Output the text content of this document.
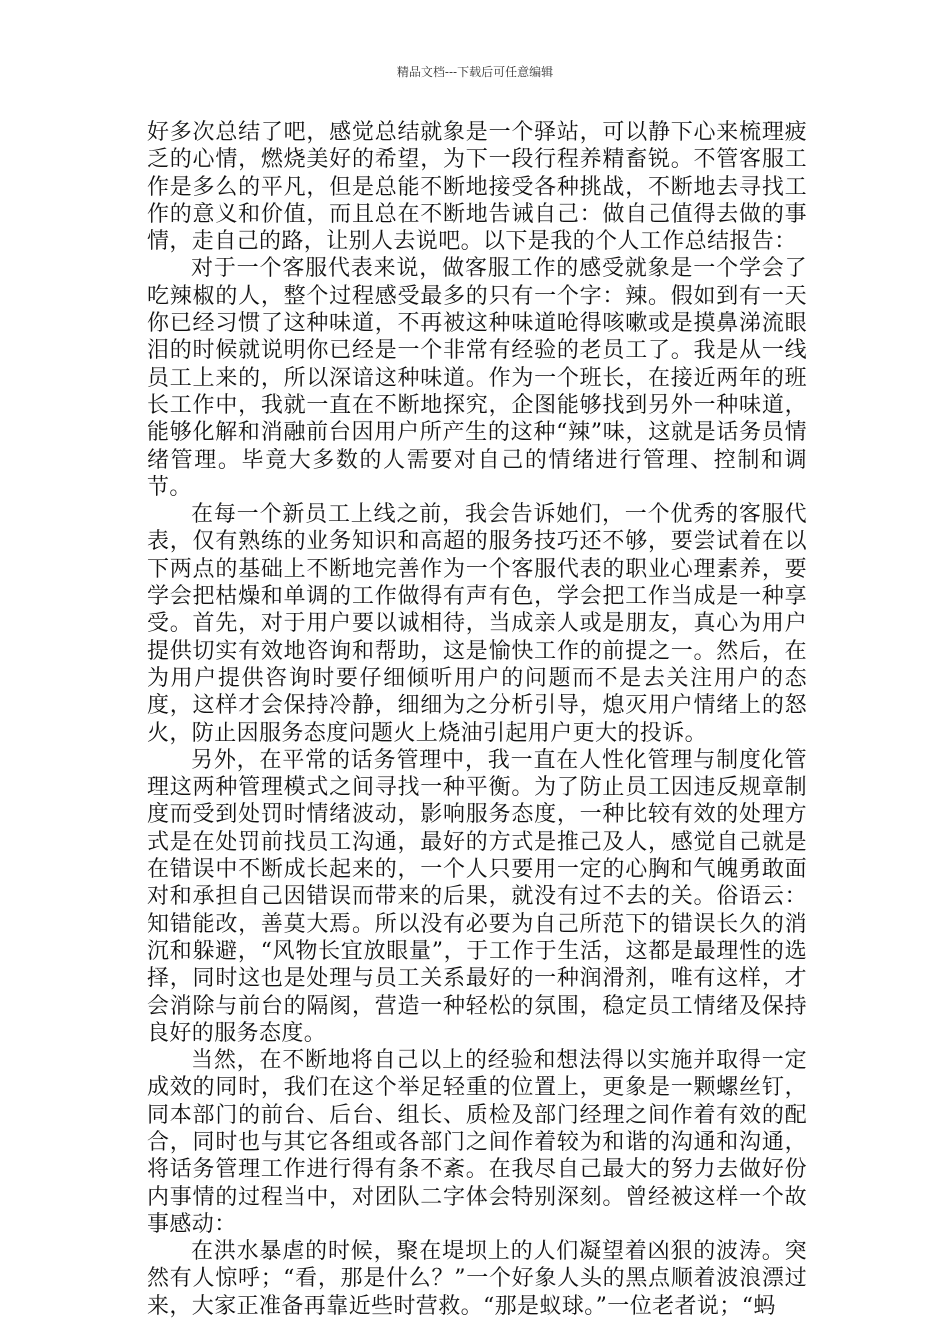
精品文档---下载后可任意编辑

好多次总结了吧，感觉总结就象是一个驿站，可以静下心来梳理疲乏的心情，燃烧美好的希望，为下一段行程养精畜锐。不管客服工作是多么的平凡，但是总能不断地接受各种挑战，不断地去寻找工作的意义和价值，而且总在不断地告诫自己：做自己值得去做的事情，走自己的路，让别人去说吧。以下是我的个人工作总结报告：

对于一个客服代表来说，做客服工作的感受就象是一个学会了吃辣椒的人，整个过程感受最多的只有一个字：辣。假如到有一天你已经习惯了这种味道，不再被这种味道呛得咳嗽或是摸鼻涕流眼泪的时候就说明你已经是一个非常有经验的老员工了。我是从一线员工上来的，所以深谙这种味道。作为一个班长，在接近两年的班长工作中，我就一直在不断地探究，企图能够找到另外一种味道，能够化解和消融前台因用户所产生的这种“辣”味，这就是话务员情绪管理。毕竟大多数的人需要对自己的情绪进行管理、控制和调节。

在每一个新员工上线之前，我会告诉她们，一个优秀的客服代表，仅有熟练的业务知识和高超的服务技巧还不够，要尝试着在以下两点的基础上不断地完善作为一个客服代表的职业心理素养，要学会把枯燥和单调的工作做得有声有色，学会把工作当成是一种享受。首先，对于用户要以诚相待，当成亲人或是朋友，真心为用户提供切实有效地咨询和帮助，这是愉快工作的前提之一。然后，在为用户提供咨询时要仔细倾听用户的问题而不是去关注用户的态度，这样才会保持冷静，细细为之分析引导，熄灭用户情绪上的怒火，防止因服务态度问题火上烧油引起用户更大的投诉。

另外，在平常的话务管理中，我一直在人性化管理与制度化管理这两种管理模式之间寻找一种平衡。为了防止员工因违反规章制度而受到处罚时情绪波动，影响服务态度，一种比较有效的处理方式是在处罚前找员工沟通，最好的方式是推己及人，感觉自己就是在错误中不断成长起来的，一个人只要用一定的心胸和气魄勇敢面对和承担自己因错误而带来的后果，就没有过不去的关。俗语云：知错能改，善莫大焉。所以没有必要为自己所范下的错误长久的消沉和躲避，“风物长宜放眼量”，于工作于生活，这都是最理性的选择，同时这也是处理与员工关系最好的一种润滑剂，唯有这样，才会消除与前台的隔阂，营造一种轻松的氛围，稳定员工情绪及保持良好的服务态度。

当然，在不断地将自己以上的经验和想法得以实施并取得一定成效的同时，我们在这个举足轻重的位置上，更象是一颗螺丝钉，同本部门的前台、后台、组长、质检及部门经理之间作着有效的配合，同时也与其它各组或各部门之间作着较为和谐的沟通和沟通，将话务管理工作进行得有条不紊。在我尽自己最大的努力去做好份内事情的过程当中，对团队二字体会特别深刻。曾经被这样一个故事感动：

在洪水暴虐的时候，聚在堤坝上的人们凝望着凶狠的波涛。突然有人惊呼；“看，那是什么？”一个好象人头的黑点顺着波浪漂过来，大家正准备再靠近些时营救。“那是蚁球。”一位老者说；“蚂
